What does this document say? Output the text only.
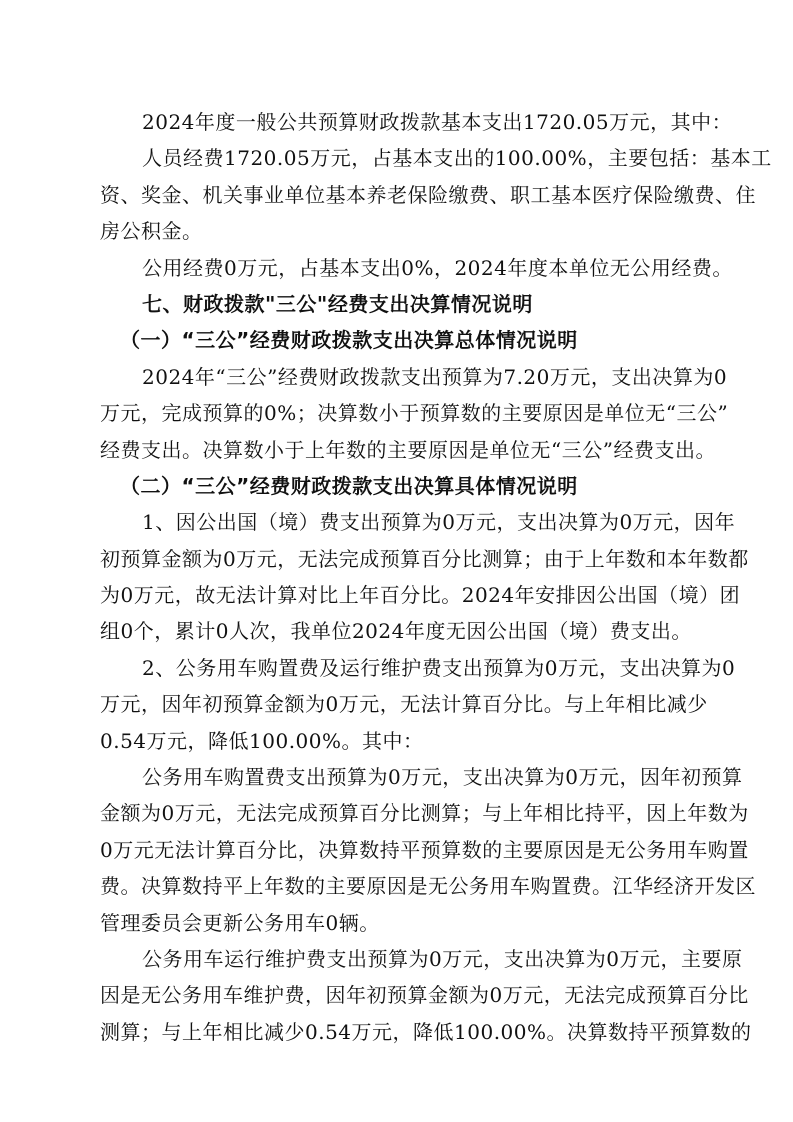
2024年度一般公共预算财政拨款基本支出1720.05万元，其中：
人员经费1720.05万元，占基本支出的100.00%，主要包括：基本工
资、奖金、机关事业单位基本养老保险缴费、职工基本医疗保险缴费、住
房公积金。
公用经费0万元，占基本支出0%，2024年度本单位无公用经费。
七、财政拨款"三公"经费支出决算情况说明
（一）“三公”经费财政拨款支出决算总体情况说明
2024年“三公”经费财政拨款支出预算为7.20万元，支出决算为0
万元，完成预算的0%；决算数小于预算数的主要原因是单位无“三公”
经费支出。决算数小于上年数的主要原因是单位无“三公”经费支出。
（二）“三公”经费财政拨款支出决算具体情况说明
1、因公出国（境）费支出预算为0万元，支出决算为0万元，因年
初预算金额为0万元，无法完成预算百分比测算；由于上年数和本年数都
为0万元，故无法计算对比上年百分比。2024年安排因公出国（境）团
组0个，累计0人次，我单位2024年度无因公出国（境）费支出。
2、公务用车购置费及运行维护费支出预算为0万元，支出决算为0
万元，因年初预算金额为0万元，无法计算百分比。与上年相比减少
0.54万元，降低100.00%。其中：
公务用车购置费支出预算为0万元，支出决算为0万元，因年初预算
金额为0万元，无法完成预算百分比测算；与上年相比持平，因上年数为
0万元无法计算百分比，决算数持平预算数的主要原因是无公务用车购置
费。决算数持平上年数的主要原因是无公务用车购置费。江华经济开发区
管理委员会更新公务用车0辆。
公务用车运行维护费支出预算为0万元，支出决算为0万元，主要原
因是无公务用车维护费，因年初预算金额为0万元，无法完成预算百分比
测算；与上年相比减少0.54万元，降低100.00%。决算数持平预算数的
